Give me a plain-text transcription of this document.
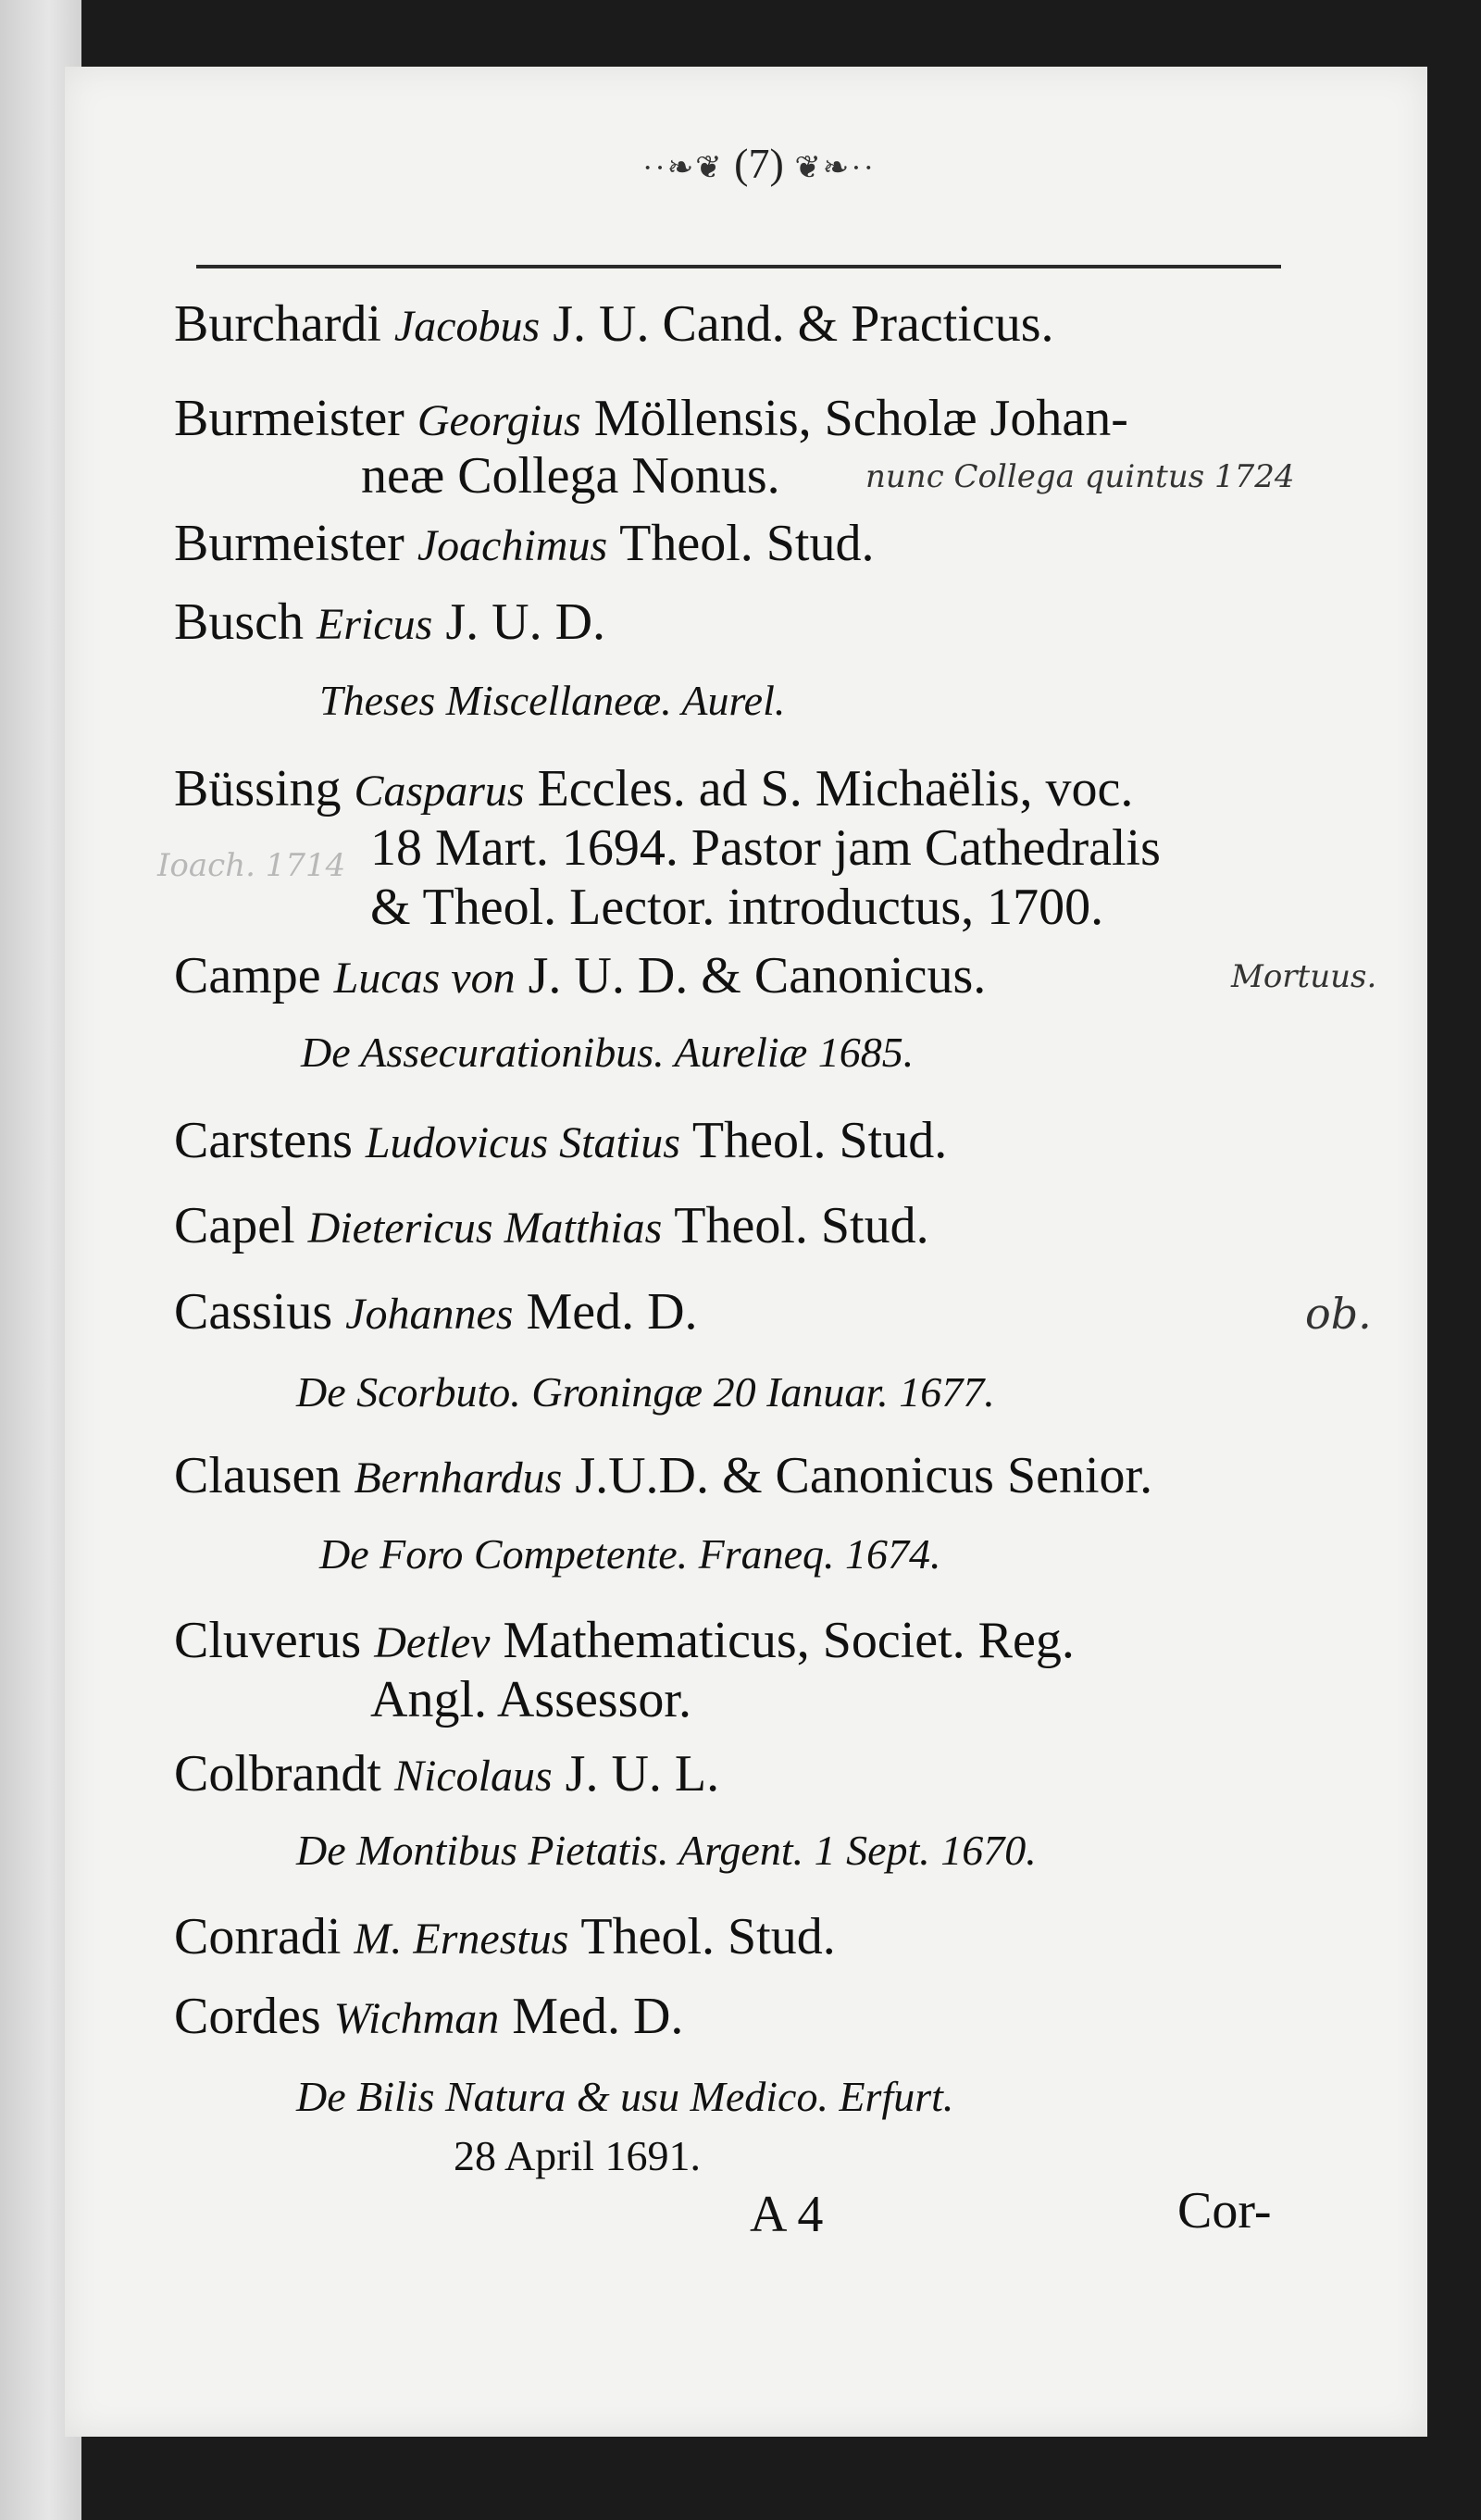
··❧❦ (7) ❦❧··
Burchardi Jacobus J. U. Cand. & Practicus.
Burmeister Georgius Möllensis, Scholæ Johan-
neæ Collega Nonus.	nunc Collega quintus 1724
Burmeister Joachimus Theol. Stud.
Busch Ericus J. U. D.
Theses Miscellaneæ. Aurel.
Büssing Casparus Eccles. ad S. Michaëlis, voc.
18 Mart. 1694. Pastor jam Cathedralis
& Theol. Lector. introductus, 1700.
Ioach. 1714
Campe Lucas von J. U. D. & Canonicus.	Mortuus.
De Assecurationibus. Aureliæ 1685.
Carstens Ludovicus Statius Theol. Stud.
Capel Dietericus Matthias Theol. Stud.
Cassius Johannes Med. D.	ob.
De Scorbuto. Groningæ 20 Ianuar. 1677.
Clausen Bernhardus J.U.D. & Canonicus Senior.
De Foro Competente. Franeq. 1674.
Cluverus Detlev Mathematicus, Societ. Reg.
Angl. Assessor.
Colbrandt Nicolaus J. U. L.
De Montibus Pietatis. Argent. 1 Sept. 1670.
Conradi M. Ernestus Theol. Stud.
Cordes Wichman Med. D.
De Bilis Natura & usu Medico. Erfurt.
28 April 1691.
A 4	Cor-
